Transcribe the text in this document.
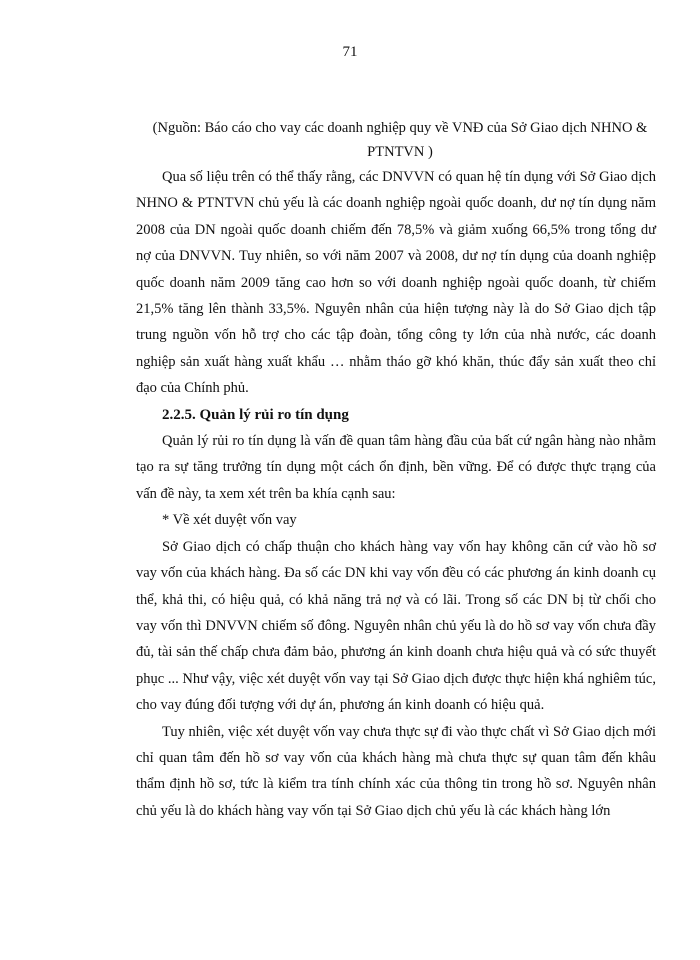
71
(Nguồn: Báo cáo cho vay các doanh nghiệp quy về VNĐ của Sở Giao dịch NHNO & PTNTVN )

Qua số liệu trên có thể thấy rằng, các DNVVN có quan hệ tín dụng với Sở Giao dịch NHNO & PTNTVN chủ yếu là các doanh nghiệp ngoài quốc doanh, dư nợ tín dụng năm 2008 của DN ngoài quốc doanh chiếm đến 78,5% và giảm xuống 66,5% trong tổng dư nợ của DNVVN. Tuy nhiên, so với năm 2007 và 2008, dư nợ tín dụng của doanh nghiệp quốc doanh năm 2009 tăng cao hơn so với doanh nghiệp ngoài quốc doanh, từ chiếm 21,5% tăng lên thành 33,5%. Nguyên nhân của hiện tượng này là do Sở Giao dịch tập trung nguồn vốn hỗ trợ cho các tập đoàn, tổng công ty lớn của nhà nước, các doanh nghiệp sản xuất hàng xuất khẩu … nhằm tháo gỡ khó khăn, thúc đẩy sản xuất theo chỉ đạo của Chính phủ.

2.2.5. Quản lý rủi ro tín dụng

Quản lý rủi ro tín dụng là vấn đề quan tâm hàng đầu của bất cứ ngân hàng nào nhằm tạo ra sự tăng trưởng tín dụng một cách ổn định, bền vững. Để có được thực trạng của vấn đề này, ta xem xét trên ba khía cạnh sau:

* Về xét duyệt vốn vay

Sở Giao dịch có chấp thuận cho khách hàng vay vốn hay không căn cứ vào hồ sơ vay vốn của khách hàng. Đa số các DN khi vay vốn đều có các phương án kinh doanh cụ thể, khả thi, có hiệu quả, có khả năng trả nợ và có lãi. Trong số các DN bị từ chối cho vay vốn thì DNVVN chiếm số đông. Nguyên nhân chủ yếu là do hồ sơ vay vốn chưa đầy đủ, tài sản thế chấp chưa đảm bảo, phương án kinh doanh chưa hiệu quả và có sức thuyết phục ... Như vậy, việc xét duyệt vốn vay tại Sở Giao dịch được thực hiện khá nghiêm túc, cho vay đúng đối tượng với dự án, phương án kinh doanh có hiệu quả.

Tuy nhiên, việc xét duyệt vốn vay chưa thực sự đi vào thực chất vì Sở Giao dịch mới chỉ quan tâm đến hồ sơ vay vốn của khách hàng mà chưa thực sự quan tâm đến khâu thẩm định hồ sơ, tức là kiểm tra tính chính xác của thông tin trong hồ sơ. Nguyên nhân chủ yếu là do khách hàng vay vốn tại Sở Giao dịch chủ yếu là các khách hàng lớn
